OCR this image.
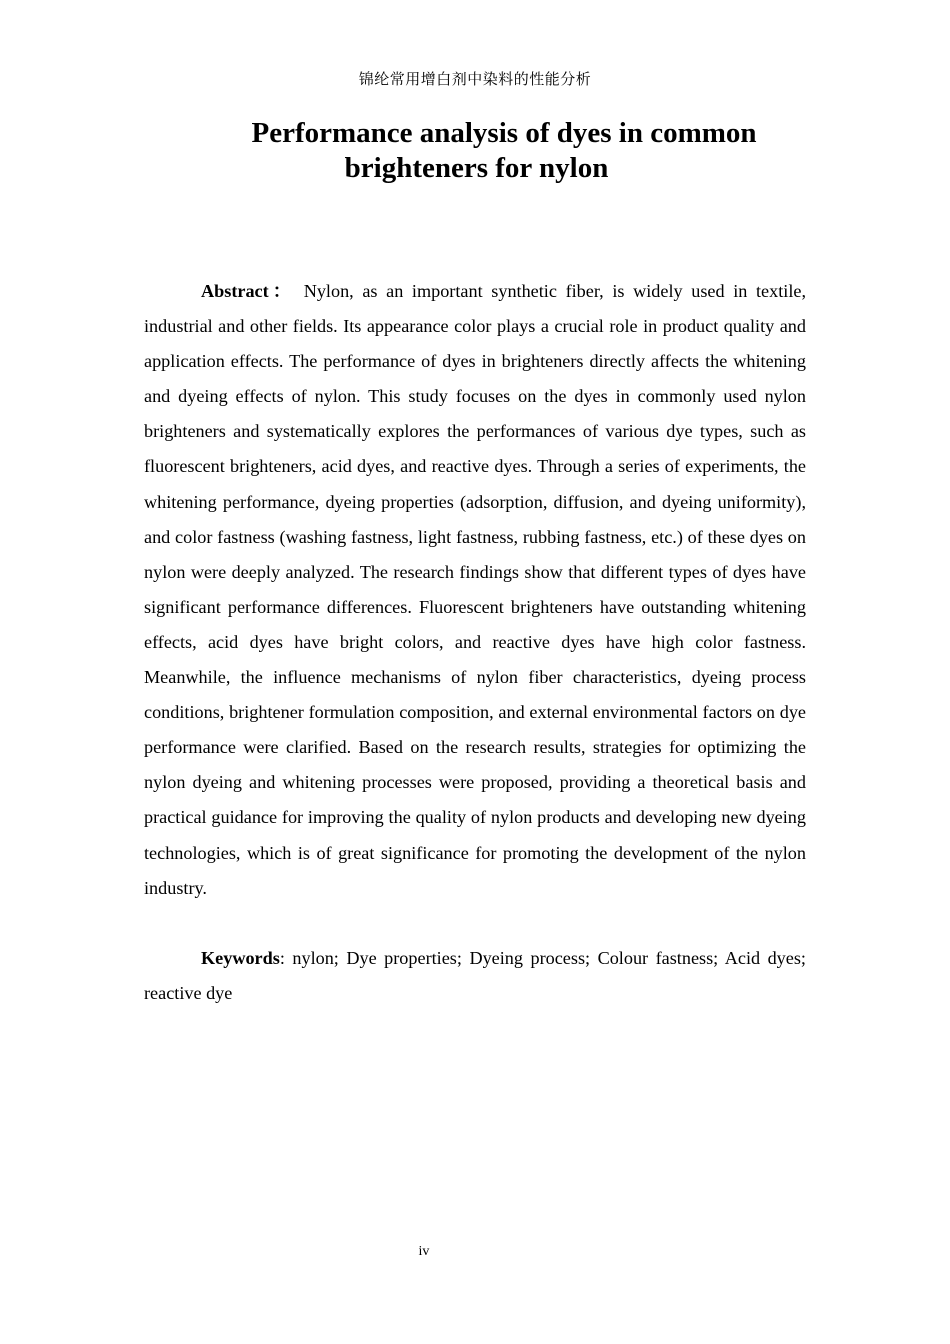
锦纶常用增白剂中染料的性能分析
Performance analysis of dyes in common
brighteners for nylon

Abstract： Nylon, as an important synthetic fiber, is widely used in textile, industrial and other fields. Its appearance color plays a crucial role in product quality and application effects. The performance of dyes in brighteners directly affects the whitening and dyeing effects of nylon. This study focuses on the dyes in commonly used nylon brighteners and systematically explores the performances of various dye types, such as fluorescent brighteners, acid dyes, and reactive dyes. Through a series of experiments, the whitening performance, dyeing properties (adsorption, diffusion, and dyeing uniformity), and color fastness (washing fastness, light fastness, rubbing fastness, etc.) of these dyes on nylon were deeply analyzed. The research findings show that different types of dyes have significant performance differences. Fluorescent brighteners have outstanding whitening effects, acid dyes have bright colors, and reactive dyes have high color fastness. Meanwhile, the influence mechanisms of nylon fiber characteristics, dyeing process conditions, brightener formulation composition, and external environmental factors on dye performance were clarified. Based on the research results, strategies for optimizing the nylon dyeing and whitening processes were proposed, providing a theoretical basis and practical guidance for improving the quality of nylon products and developing new dyeing technologies, which is of great significance for promoting the development of the nylon industry.

Keywords: nylon; Dye properties; Dyeing process; Colour fastness; Acid dyes; reactive dye

iv
